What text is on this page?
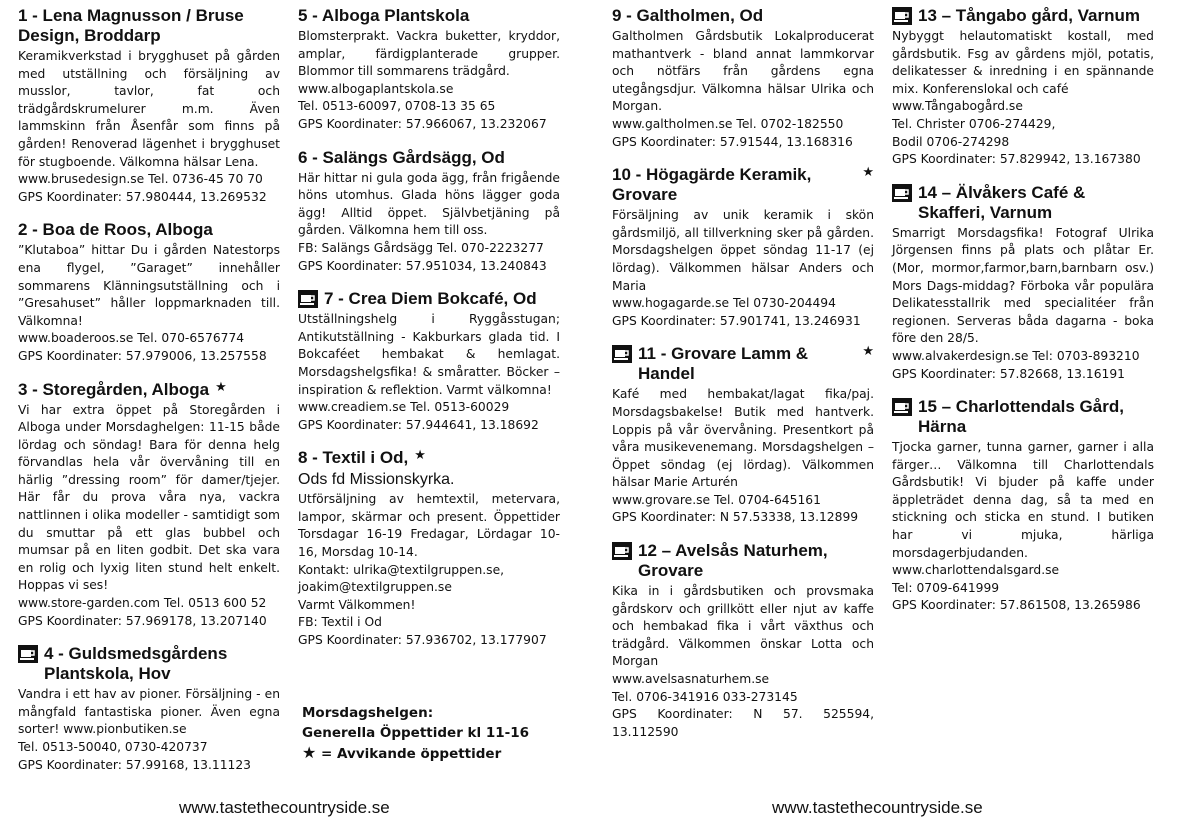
1 - Lena Magnusson / Bruse Design, Broddarp
Keramikverkstad i brygghuset på gården med utställning och försäljning av musslor, tavlor, fat och trädgårdskrumelurer m.m. Även lammskinn från Åsenfår som finns på gården! Renoverad lägenhet i brygghuset för stugboende. Välkomna hälsar Lena.
www.brusedesign.se Tel. 0736-45 70 70
GPS Koordinater: 57.980444, 13.269532
2 - Boa de Roos, Alboga
”Klutaboa” hittar Du i gården Natestorps ena flygel, ”Garaget” innehåller sommarens Klänningsutställning och i ”Gresahuset” håller loppmarknaden till. Välkomna!
www.boaderoos.se Tel. 070-6576774
GPS Koordinater: 57.979006, 13.257558
3 - Storegården, Alboga ★
Vi har extra öppet på Storegården i Alboga under Morsdaghelgen: 11-15 både lördag och söndag! Bara för denna helg förvandlas hela vår övervåning till en härlig ”dressing room” för damer/tjejer. Här får du prova våra nya, vackra nattlinnen i olika modeller - samtidigt som du smuttar på ett glas bubbel och mumsar på en liten godbit. Det ska vara en rolig och lyxig liten stund helt enkelt. Hoppas vi ses!
www.store-garden.com Tel. 0513 600 52
GPS Koordinater: 57.969178, 13.207140
4 - Guldsmedsgårdens Plantskola, Hov
Vandra i ett hav av pioner. Försäljning - en mångfald fantastiska pioner. Även egna sorter! www.pionbutiken.se
Tel. 0513-50040, 0730-420737
GPS Koordinater: 57.99168, 13.11123
5 - Alboga Plantskola
Blomsterprakt. Vackra buketter, kryddor, amplar, färdigplanterade grupper. Blommor till sommarens trädgård.
www.albogaplantskola.se
Tel. 0513-60097, 0708-13 35 65
GPS Koordinater: 57.966067, 13.232067
6 - Salängs Gårdsägg, Od
Här hittar ni gula goda ägg, från frigående höns utomhus. Glada höns lägger goda ägg! Alltid öppet. Självbetjäning på gården. Välkomna hem till oss.
FB: Salängs Gårdsägg Tel. 070-2223277
GPS Koordinater: 57.951034, 13.240843
7 - Crea Diem Bokcafé, Od
Utställningshelg i Ryggåsstugan; Antikutställning - Kakburkars glada tid. I Bokcaféet hembakat & hemlagat. Morsdagshelgsfika! & småratter. Böcker – inspiration & reflektion. Varmt välkomna!
www.creadiem.se Tel. 0513-60029
GPS Koordinater: 57.944641, 13.18692
8 - Textil i Od, ★
Ods fd Missionskyrka.
Utförsäljning av hemtextil, metervara, lampor, skärmar och present. Öppettider Torsdagar 16-19 Fredagar, Lördagar 10-16, Morsdag 10-14.
Kontakt: ulrika@textilgruppen.se,
joakim@textilgruppen.se
Varmt Välkommen!
FB: Textil i Od
GPS Koordinater: 57.936702, 13.177907
9 - Galtholmen, Od
Galtholmen Gårdsbutik Lokalproducerat mathantverk - bland annat lammkorvar och nötfärs från gårdens egna utegångsdjur. Välkomna hälsar Ulrika och Morgan.
www.galtholmen.se Tel. 0702-182550
GPS Koordinater: 57.91544, 13.168316
10 - Högagärde Keramik, Grovare
★
Försäljning av unik keramik i skön gårdsmiljö, all tillverkning sker på gården. Morsdagshelgen öppet söndag 11-17 (ej lördag). Välkommen hälsar Anders och Maria
www.hogagarde.se Tel 0730-204494
GPS Koordinater: 57.901741, 13.246931
11 - Grovare Lamm & Handel
★
Kafé med hembakat/lagat fika/paj. Morsdagsbakelse! Butik med hantverk. Loppis på vår övervåning. Presentkort på våra musikevenemang. Morsdagshelgen – Öppet söndag (ej lördag). Välkommen hälsar Marie Arturén
www.grovare.se Tel. 0704-645161
GPS Koordinater: N 57.53338, 13.12899
12 – Avelsås Naturhem, Grovare
Kika in i gårdsbutiken och provsmaka gårdskorv och grillkött eller njut av kaffe och hembakad fika i vårt växthus och trädgård. Välkommen önskar Lotta och Morgan
www.avelsasnaturhem.se
Tel. 0706-341916 033-273145
GPS Koordinater: N 57. 525594, 13.112590
13 – Tångabo gård, Varnum
Nybyggt helautomatiskt kostall, med gårdsbutik. Fsg av gårdens mjöl, potatis, delikatesser & inredning i en spännande mix. Konferenslokal och café
www.Tångabogård.se
Tel. Christer 0706-274429,
Bodil 0706-274298
GPS Koordinater: 57.829942, 13.167380
14 – Älvåkers Café & Skafferi, Varnum
Smarrigt Morsdagsfika! Fotograf Ulrika Jörgensen finns på plats och plåtar Er. (Mor, mormor,farmor,barn,barnbarn osv.) Mors Dags-middag? Förboka vår populära Delikatesstallrik med specialitéer från regionen. Serveras båda dagarna - boka före den 28/5.
www.alvakerdesign.se Tel: 0703-893210
GPS Koordinater: 57.82668, 13.16191
15 – Charlottendals Gård, Härna
Tjocka garner, tunna garner, garner i alla färger… Välkomna till Charlottendals Gårdsbutik! Vi bjuder på kaffe under äppleträdet denna dag, så ta med en stickning och sticka en stund. I butiken har vi mjuka, härliga morsdagerbjudanden.
www.charlottendalsgard.se
Tel: 0709-641999
GPS Koordinater: 57.861508, 13.265986
Morsdagshelgen:
Generella Öppettider kl 11-16
★ = Avvikande öppettider
www.tastethecountryside.se	www.tastethecountryside.se
